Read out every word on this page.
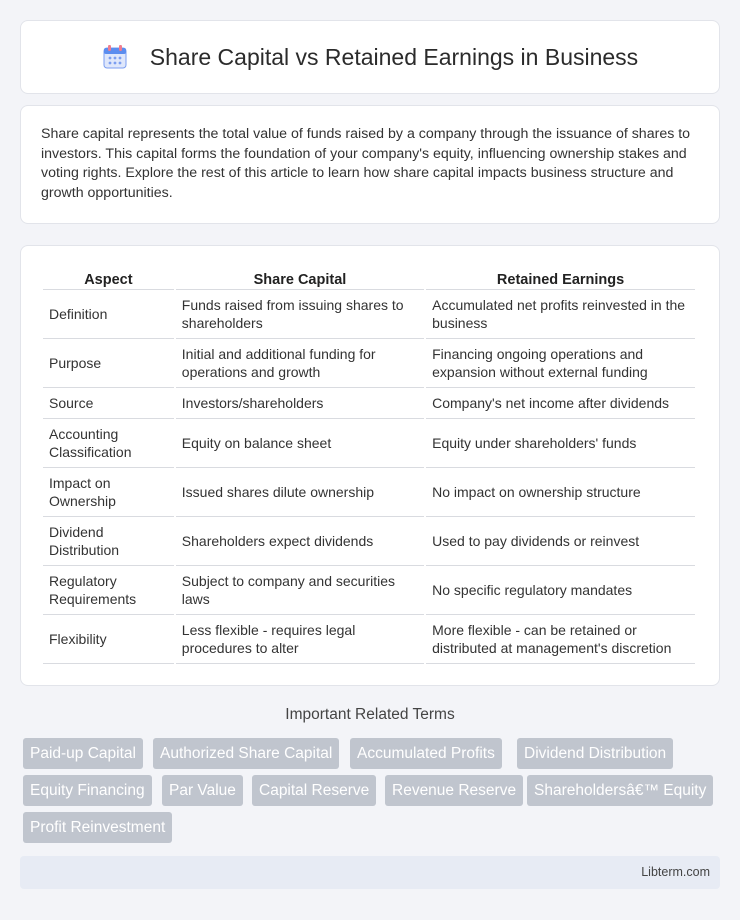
Share Capital vs Retained Earnings in Business

Share capital represents the total value of funds raised by a company through the issuance of shares to investors. This capital forms the foundation of your company's equity, influencing ownership stakes and voting rights. Explore the rest of this article to learn how share capital impacts business structure and growth opportunities.

Aspect	Share Capital	Retained Earnings
Definition	Funds raised from issuing shares to shareholders	Accumulated net profits reinvested in the business
Purpose	Initial and additional funding for operations and growth	Financing ongoing operations and expansion without external funding
Source	Investors/shareholders	Company's net income after dividends
Accounting Classification	Equity on balance sheet	Equity under shareholders' funds
Impact on Ownership	Issued shares dilute ownership	No impact on ownership structure
Dividend Distribution	Shareholders expect dividends	Used to pay dividends or reinvest
Regulatory Requirements	Subject to company and securities laws	No specific regulatory mandates
Flexibility	Less flexible - requires legal procedures to alter	More flexible - can be retained or distributed at management's discretion
Important Related Terms
Paid-up Capital	Authorized Share Capital	Accumulated Profits	Dividend Distribution
Equity Financing	Par Value	Capital Reserve	Revenue Reserve	Shareholdersâ€™ Equity
Profit Reinvestment
Libterm.com
